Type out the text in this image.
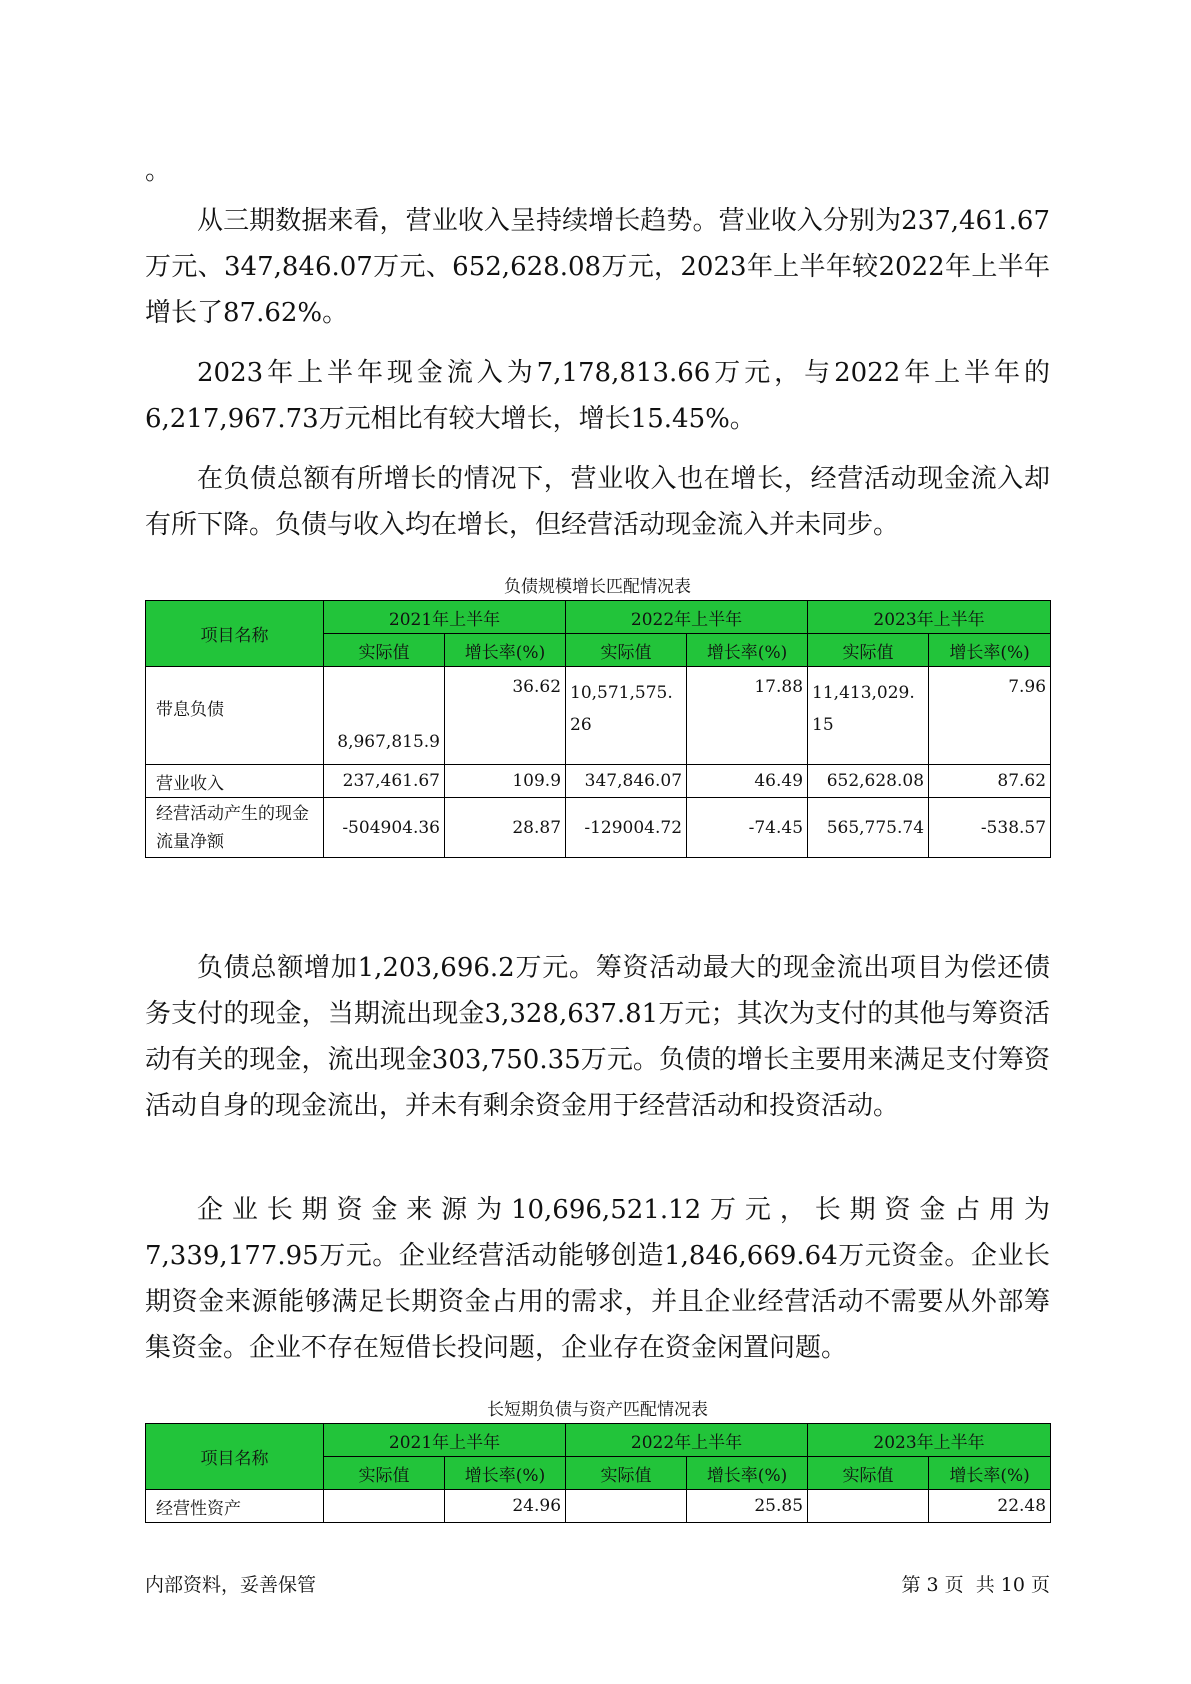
。

从三期数据来看，营业收入呈持续增长趋势。营业收入分别为237,461.67万元、347,846.07万元、652,628.08万元，2023年上半年较2022年上半年增长了87.62%。

2023年上半年现金流入为7,178,813.66万元，与2022年上半年的6,217,967.73万元相比有较大增长，增长15.45%。

在负债总额有所增长的情况下，营业收入也在增长，经营活动现金流入却有所下降。负债与收入均在增长，但经营活动现金流入并未同步。

负债规模增长匹配情况表
项目名称	2021年上半年		2022年上半年		2023年上半年	
	实际值	增长率(%)	实际值	增长率(%)	实际值	增长率(%)
带息负债	8,967,815.9	36.62	10,571,575.26	17.88	11,413,029.15	7.96
营业收入	237,461.67	109.9	347,846.07	46.49	652,628.08	87.62
经营活动产生的现金流量净额	-504904.36	28.87	-129004.72	-74.45	565,775.74	-538.57

负债总额增加1,203,696.2万元。筹资活动最大的现金流出项目为偿还债务支付的现金，当期流出现金3,328,637.81万元；其次为支付的其他与筹资活动有关的现金，流出现金303,750.35万元。负债的增长主要用来满足支付筹资活动自身的现金流出，并未有剩余资金用于经营活动和投资活动。

企业长期资金来源为10,696,521.12万元，长期资金占用为7,339,177.95万元。企业经营活动能够创造1,846,669.64万元资金。企业长期资金来源能够满足长期资金占用的需求，并且企业经营活动不需要从外部筹集资金。企业不存在短借长投问题，企业存在资金闲置问题。

长短期负债与资产匹配情况表
项目名称	2021年上半年		2022年上半年		2023年上半年	
	实际值	增长率(%)	实际值	增长率(%)	实际值	增长率(%)
经营性资产		24.96		25.85		22.48
内部资料，妥善保管	第 3 页  共 10 页
